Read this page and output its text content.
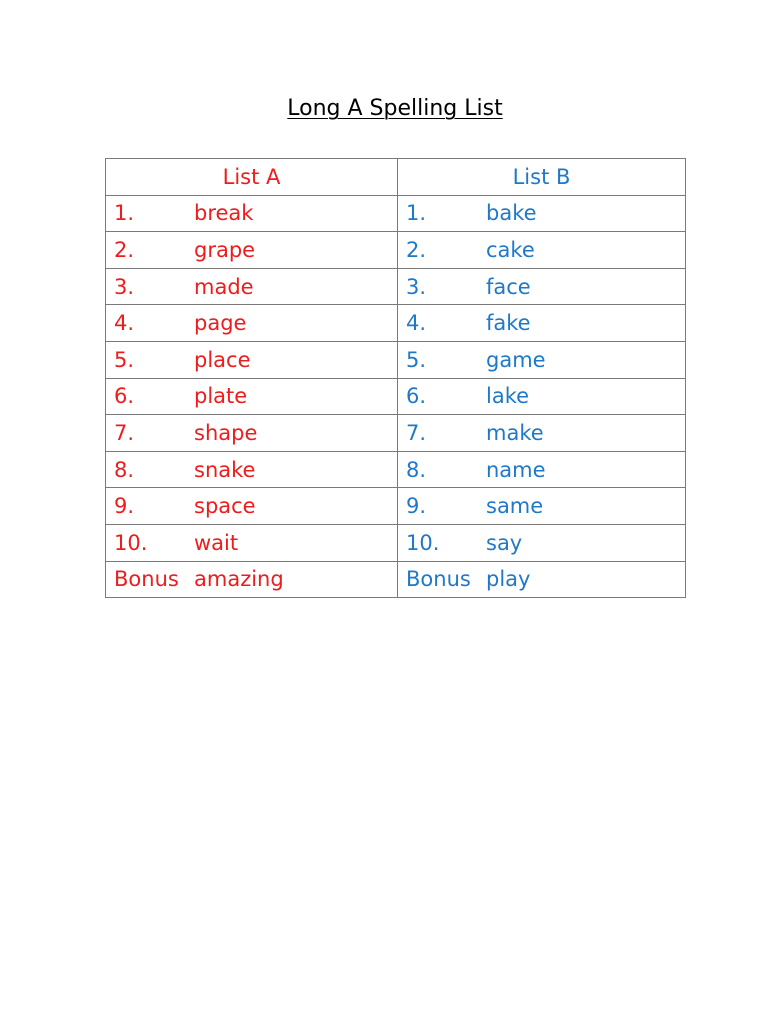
Long A Spelling List
List A	List B

1. break	1. bake

2. grape	2. cake

3. made	3. face

4. page	4. fake

5. place	5. game

6. plate	6. lake

7. shape	7. make

8. snake	8. name

9. space	9. same

10. wait	10. say

Bonus amazing	Bonus play
